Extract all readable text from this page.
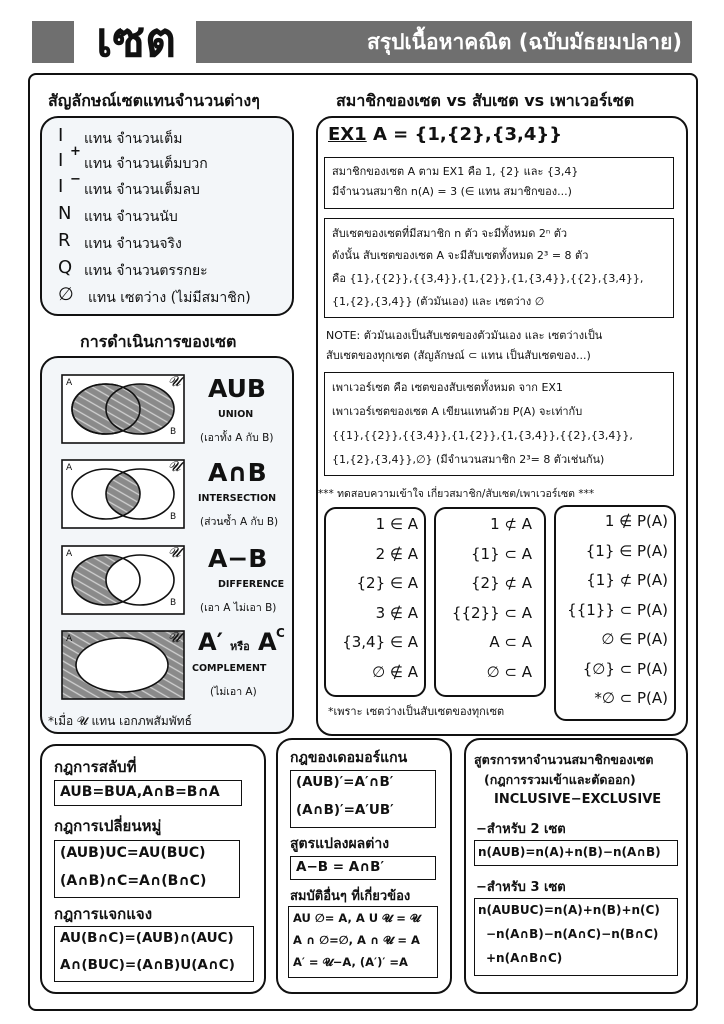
เซต	สรุปเนื้อหาคณิต (ฉบับมัธยมปลาย)
สัญลักษณ์เซตแทนจำนวนต่างๆ
I แทน จำนวนเต็ม
I +
แทน จำนวนเต็มบวก
I −
แทน จำนวนเต็มลบ
N แทน จำนวนนับ
R แทน จำนวนจริง
Q แทน จำนวนตรรกยะ
∅ แทน เซตว่าง (ไม่มีสมาชิก)
การดำเนินการของเซต
A	𝓤
B
A	𝓤
B
A	𝓤
B
A	𝓤
AUB
UNION
(เอาทั้ง A กับ B)
A∩B
INTERSECTION
(ส่วนซ้ำ A กับ B)
A−B
DIFFERENCE
(เอา A ไม่เอา B)
A′ หรือ A C
COMPLEMENT
(ไม่เอา A)
*เมื่อ 𝓤 แทน เอกภพสัมพัทธ์
สมาชิกของเซต vs สับเซต vs เพาเวอร์เซต
EX1 A = {1,{2},{3,4}}
สมาชิกของเซต A ตาม EX1 คือ 1, {2} และ {3,4}
มีจำนวนสมาชิก n(A) = 3 (∈ แทน สมาชิกของ...)
สับเซตของเซตที่มีสมาชิก n ตัว จะมีทั้งหมด 2ⁿ ตัว
ดังนั้น สับเซตของเซต A จะมีสับเซตทั้งหมด 2³ = 8 ตัว
คือ {1},{{2}},{{3,4}},{1,{2}},{1,{3,4}},{{2},{3,4}},
{1,{2},{3,4}} (ตัวมันเอง) และ เซตว่าง ∅
NOTE: ตัวมันเองเป็นสับเซตของตัวมันเอง และ เซตว่างเป็น
สับเซตของทุกเซต (สัญลักษณ์ ⊂ แทน เป็นสับเซตของ...)
เพาเวอร์เซต คือ เซตของสับเซตทั้งหมด จาก EX1
เพาเวอร์เซตของเซต A เขียนแทนด้วย P(A) จะเท่ากับ
{{1},{{2}},{{3,4}},{1,{2}},{1,{3,4}},{{2},{3,4}},
{1,{2},{3,4}},∅} (มีจำนวนสมาชิก 2³= 8 ตัวเช่นกัน)
*** ทดสอบความเข้าใจ เกี่ยวสมาชิก/สับเซต/เพาเวอร์เซต ***
1 ∈ A
2 ∉ A
{2} ∈ A
3 ∉ A
{3,4} ∈ A
∅ ∉ A
1 ⊄ A
{1} ⊂ A
{2} ⊄ A
{{2}} ⊂ A
A ⊂ A
∅ ⊂ A
1 ∉ P(A)
{1} ∈ P(A)
{1} ⊄ P(A)
{{1}} ⊂ P(A)
∅ ∈ P(A)
{∅} ⊂ P(A)
*∅ ⊂ P(A)
*เพราะ เซตว่างเป็นสับเซตของทุกเซต
กฎการสลับที่
AUB=BUA,A∩B=B∩A
กฎการเปลี่ยนหมู่
(AUB)UC=AU(BUC)
(A∩B)∩C=A∩(B∩C)
กฎการแจกแจง
AU(B∩C)=(AUB)∩(AUC)
A∩(BUC)=(A∩B)U(A∩C)
กฎของเดอมอร์แกน
(AUB)′=A′∩B′
(A∩B)′=A′UB′
สูตรแปลงผลต่าง
A−B = A∩B′
สมบัติอื่นๆ ที่เกี่ยวข้อง
AU ∅= A, A U 𝓤 = 𝓤
A ∩ ∅=∅, A ∩ 𝓤 = A
A′ = 𝓤−A, (A′)′ =A
สูตรการหาจำนวนสมาชิกของเซต
(กฎการรวมเข้าและตัดออก)
INCLUSIVE−EXCLUSIVE
−สำหรับ 2 เซต
n(AUB)=n(A)+n(B)−n(A∩B)
−สำหรับ 3 เซต
n(AUBUC)=n(A)+n(B)+n(C)
−n(A∩B)−n(A∩C)−n(B∩C)
+n(A∩B∩C)
